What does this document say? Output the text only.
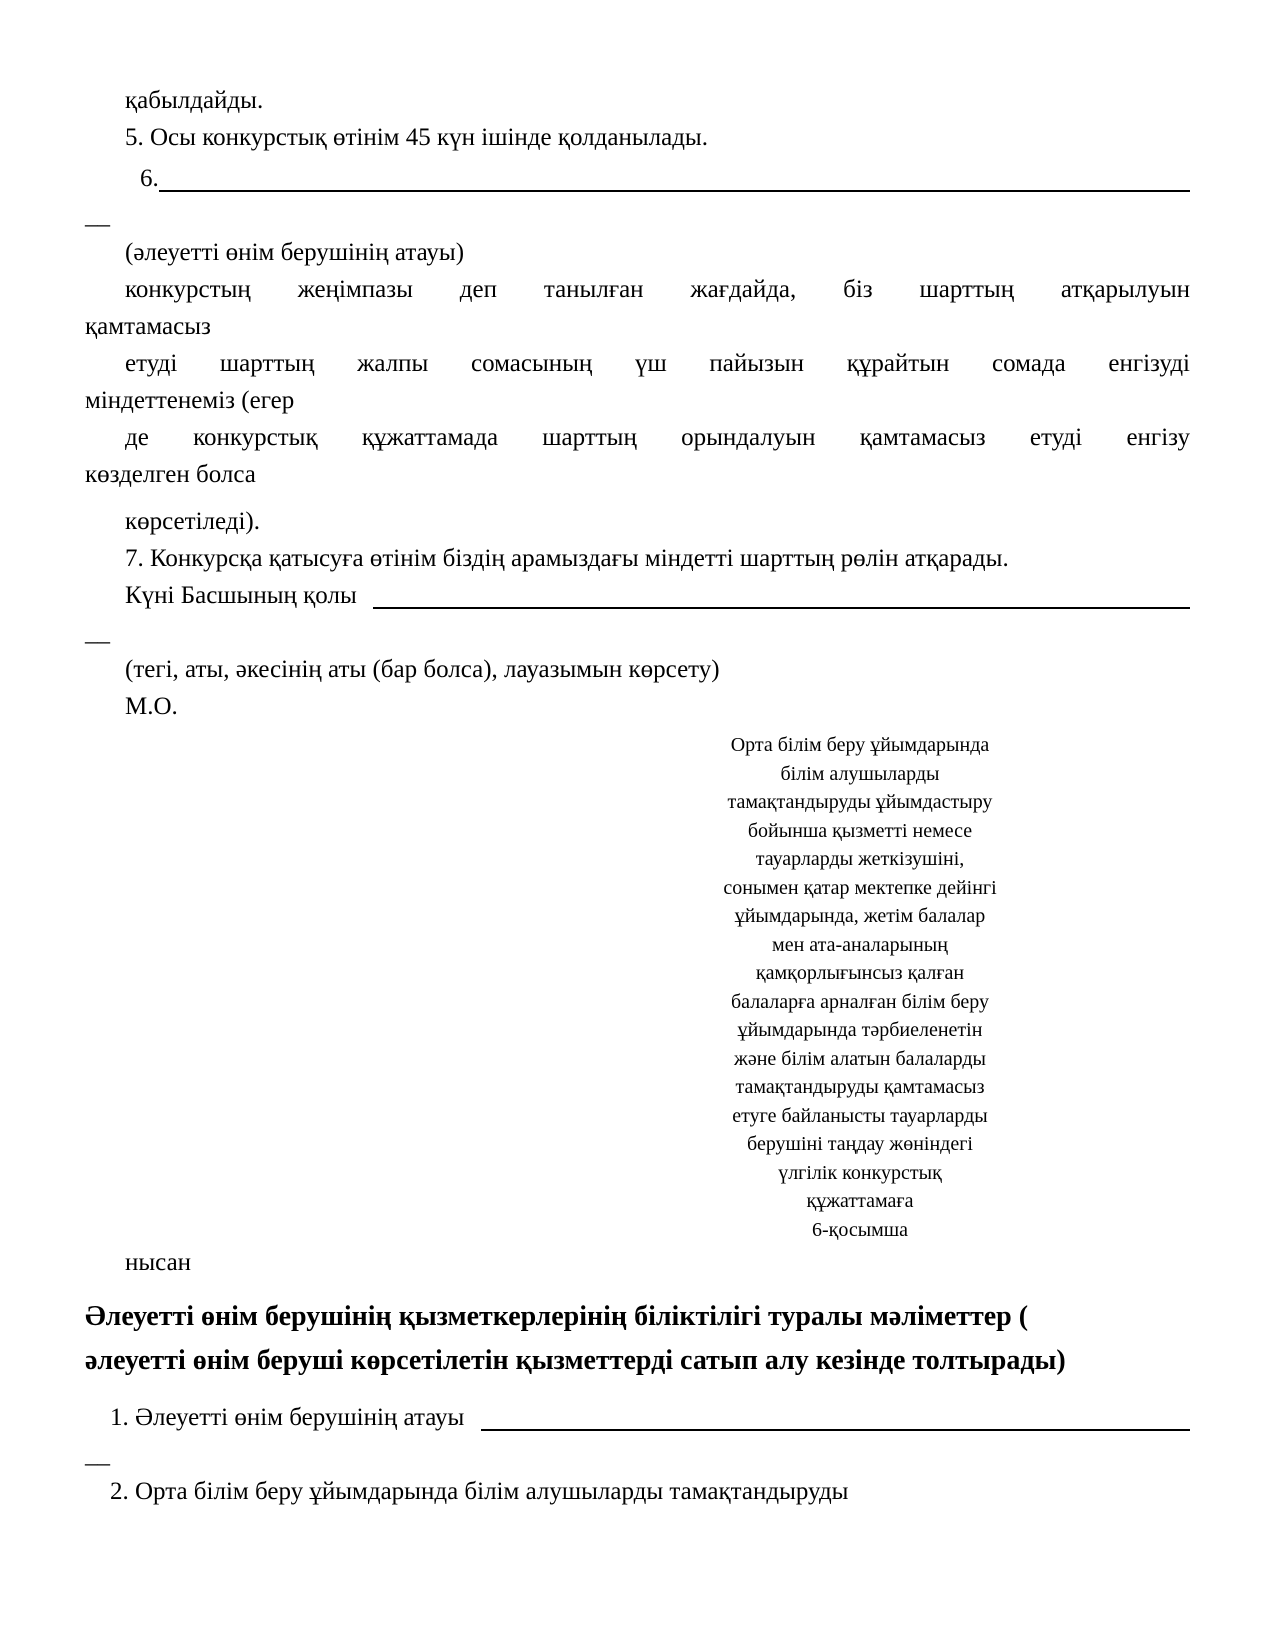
қабылдайды.

5. Осы конкурстық өтінім 45 күн ішінде қолданылады.

6.

__

(әлеуетті өнім берушінің атауы)

конкурстың жеңімпазы деп танылған жағдайда, біз шарттың атқарылуын

қамтамасыз

етуді шарттың жалпы сомасының үш пайызын құрайтын сомада енгізуді

міндеттенеміз (егер

де конкурстық құжаттамада шарттың орындалуын қамтамасыз етуді енгізу

көзделген болса

көрсетіледі).

7. Конкурсқа қатысуға өтінім біздің арамыздағы міндетті шарттың рөлін атқарады.

Күні Басшының қолы

__

(тегі, аты, әкесінің аты (бар болса), лауазымын көрсету)

М.О.

Орта білім беру ұйымдарында
білім алушыларды
тамақтандыруды ұйымдастыру
бойынша қызметті немесе
тауарларды жеткізушіні,
сонымен қатар мектепке дейінгі
ұйымдарында, жетім балалар
мен ата-аналарының
қамқорлығынсыз қалған
балаларға арналған білім беру
ұйымдарында тәрбиеленетін
және білім алатын балаларды
тамақтандыруды қамтамасыз
етуге байланысты тауарларды
берушіні таңдау жөніндегі
үлгілік конкурстық
құжаттамаға
6-қосымша

нысан

Әлеуетті өнім берушінің қызметкерлерінің біліктілігі туралы мәліметтер (
әлеуетті өнім беруші көрсетілетін қызметтерді сатып алу кезінде толтырады)

1. Әлеуетті өнім берушінің атауы

__

2. Орта білім беру ұйымдарында білім алушыларды тамақтандыруды
